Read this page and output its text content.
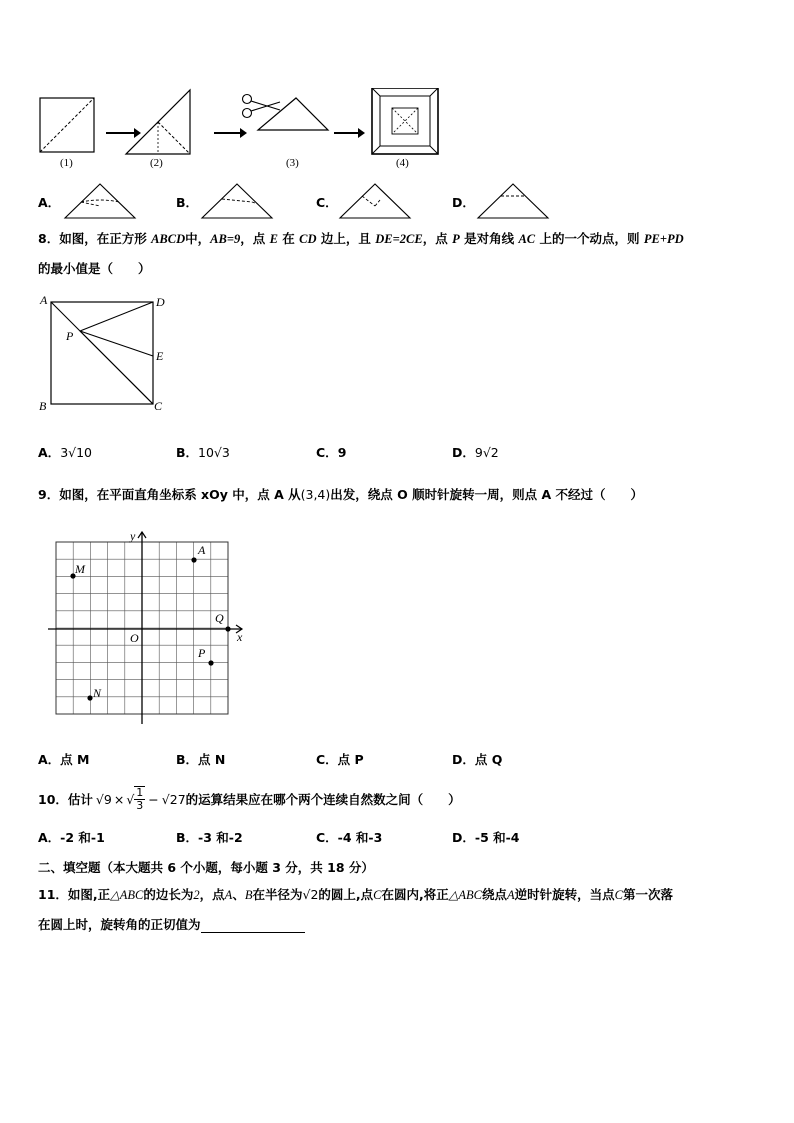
(1)	(2)	(3)	(4)
A．	B．	C．	D．
8．如图，在正方形 ABCD中，AB=9，点 E 在 CD 边上，且 DE=2CE，点 P 是对角线 AC 上的一个动点，则 PE+PD
的最小值是（　　）
A	D
P
E
B	C
A．3√10	B．10√3	C．9	D．9√2
9．如图，在平面直角坐标系 xOy 中，点 A 从(3,4)出发，绕点 O 顺时针旋转一周，则点 A 不经过（　　）
y
x
O
A
M
Q
P
N
A．点 M	B．点 N	C．点 P	D．点 Q
10． 估计 √9 × √ $\frac{1}{3} - √27$ 的运算结果应在哪个两个连续自然数之间（　　）
A．-2 和-1	B．-3 和-2	C．-4 和-3	D．-5 和-4
二、填空题（本大题共 6 个小题，每小题 3 分，共 18 分）
11．如图,正△ABC的边长为2，点A、B在半径为√2的圆上,点C在圆内,将正△ABC绕点A逆时针旋转，当点C第一次落
在圆上时，旋转角的正切值为
